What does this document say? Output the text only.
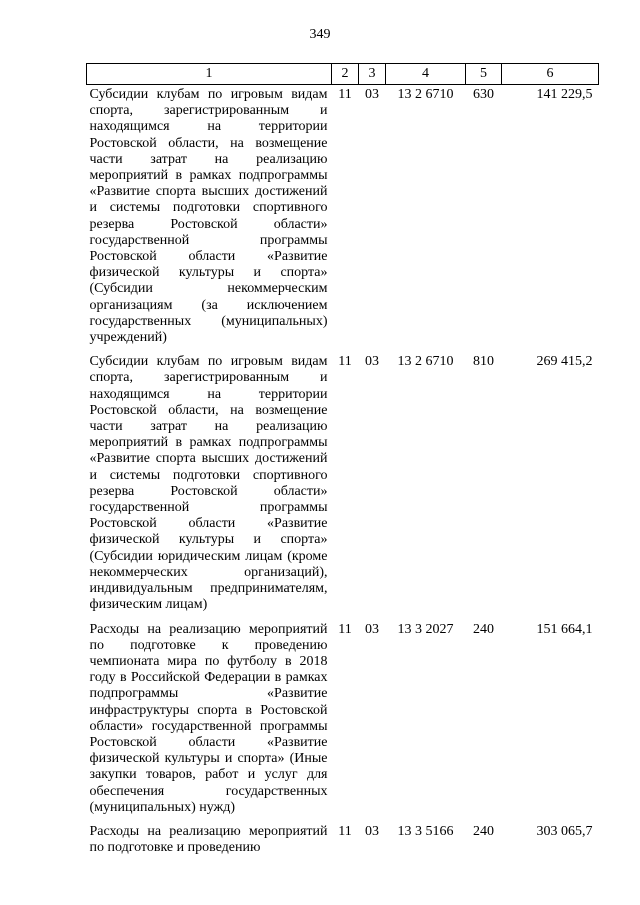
349
1	2	3	4	5	6
Субсидии клубам по игровым видам спорта, зарегистрированным и находящимся на территории Ростовской области, на возмещение части затрат на реализацию мероприятий в рамках подпрограммы «Развитие спорта высших достижений и системы подготовки спортивного резерва Ростовской области» государственной программы Ростовской области «Развитие физической культуры и спорта» (Субсидии некоммерческим организациям (за исключением государственных (муниципальных) учреждений)	11	03	13 2 6710	630	141 229,5
Субсидии клубам по игровым видам спорта, зарегистрированным и находящимся на территории Ростовской области, на возмещение части затрат на реализацию мероприятий в рамках подпрограммы «Развитие спорта высших достижений и системы подготовки спортивного резерва Ростовской области» государственной программы Ростовской области «Развитие физической культуры и спорта» (Субсидии юридическим лицам (кроме некоммерческих организаций), индивидуальным предпринимателям, физическим лицам)	11	03	13 2 6710	810	269 415,2
Расходы на реализацию мероприятий по подготовке к проведению чемпионата мира по футболу в 2018 году в Российской Федерации в рамках подпрограммы «Развитие инфраструктуры спорта в Ростовской области» государственной программы Ростовской области «Развитие физической культуры и спорта» (Иные закупки товаров, работ и услуг для обеспечения государственных (муниципальных) нужд)	11	03	13 3 2027	240	151 664,1
Расходы на реализацию мероприятий по подготовке и проведению	11	03	13 3 5166	240	303 065,7
